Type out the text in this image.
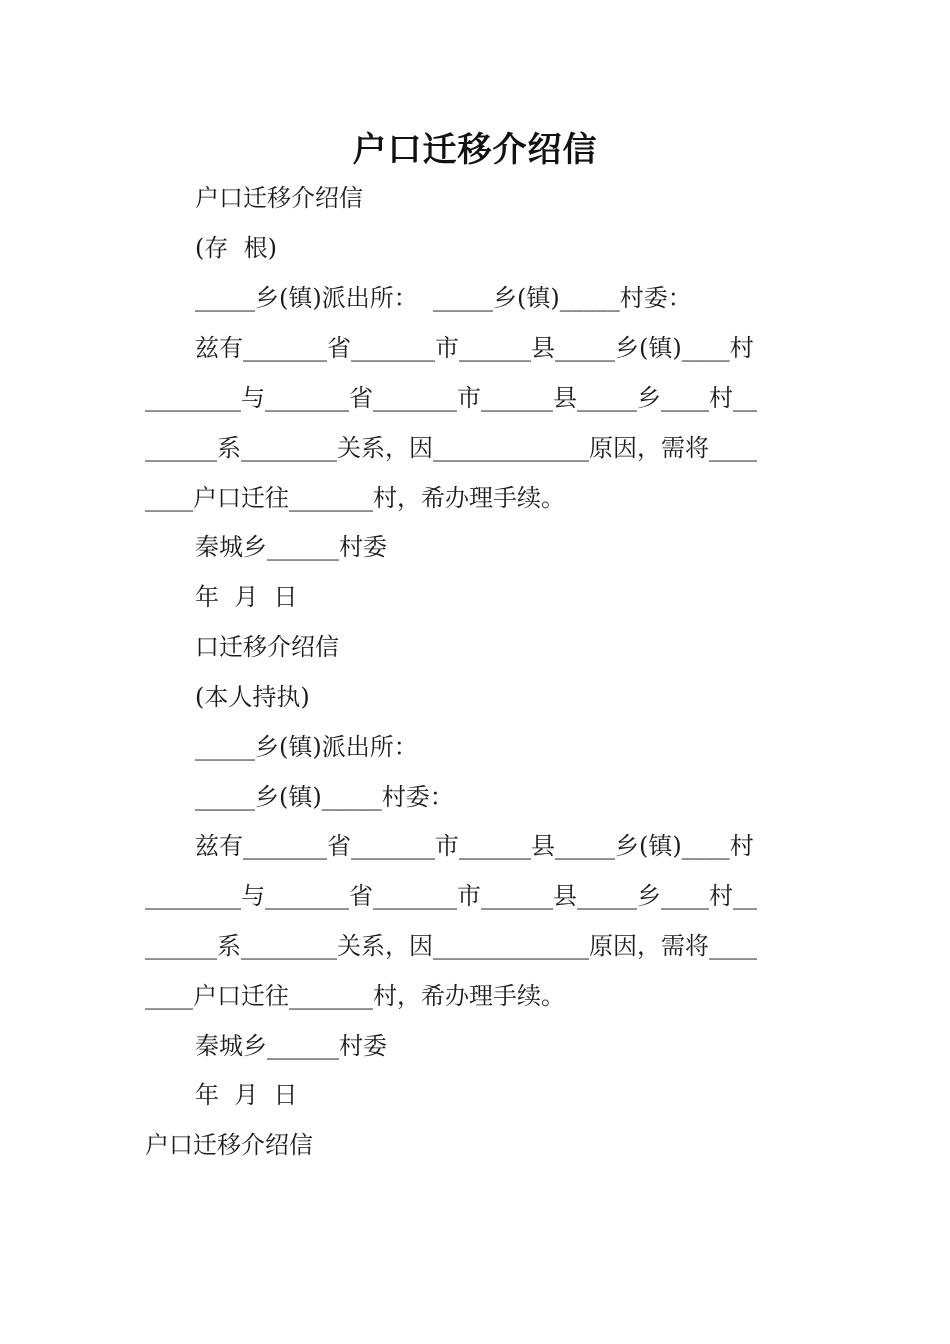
户口迁移介绍信
户口迁移介绍信
(存  根)
_____乡(镇)派出所：  _____乡(镇)_____村委：
兹有_______省_______市______县_____乡(镇)____村
________与_______省_______市______县_____乡____村__
______系________关系，因_____________原因，需将____
____户口迁往_______村，希办理手续。
秦城乡______村委
年  月  日
口迁移介绍信
(本人持执)
_____乡(镇)派出所：
_____乡(镇)_____村委：
兹有_______省_______市______县_____乡(镇)____村
________与_______省_______市______县_____乡____村__
______系________关系，因_____________原因，需将____
____户口迁往_______村，希办理手续。
秦城乡______村委
年  月  日
户口迁移介绍信
